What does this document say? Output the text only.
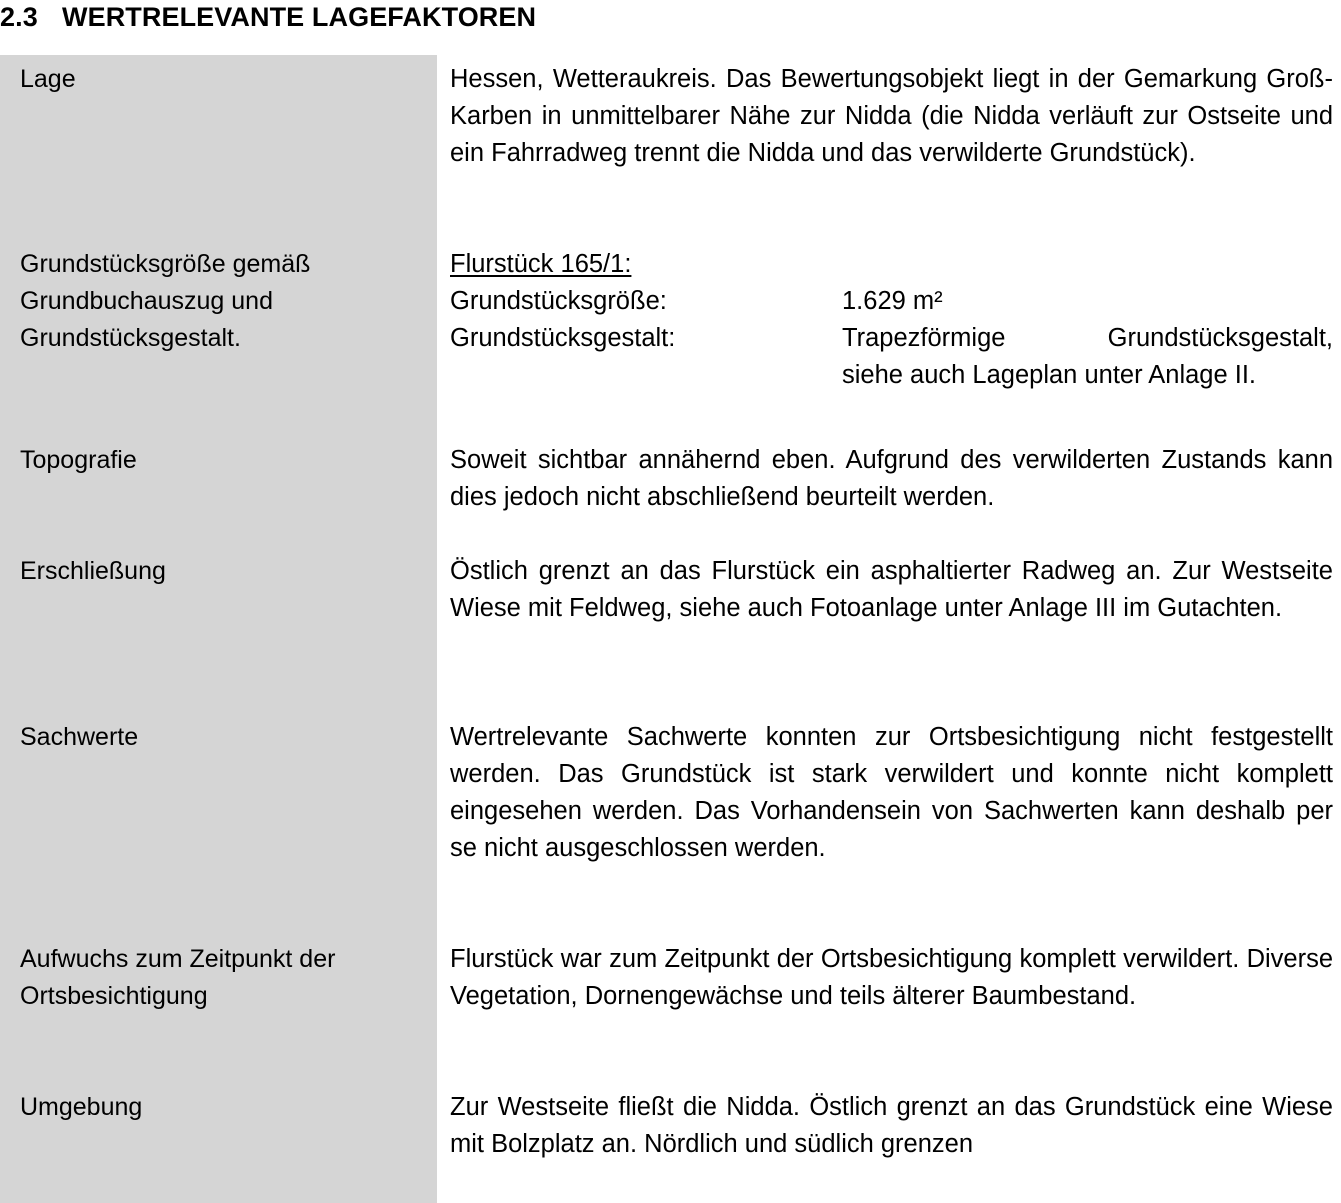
2.3 WERTRELEVANTE LAGEFAKTOREN
Lage
Grundstücksgröße gemäß Grundbuchauszug und Grundstücksgestalt.
Topografie
Erschließung
Sachwerte
Aufwuchs zum Zeitpunkt der Ortsbesichtigung
Umgebung

Hessen, Wetteraukreis. Das Bewertungsobjekt liegt in der Gemarkung Groß-Karben in unmittelbarer Nähe zur Nidda (die Nidda verläuft zur Ostseite und ein Fahrradweg trennt die Nidda und das verwilderte Grundstück).

Flurstück 165/1:
Grundstücksgröße:	1.629 m²
Grundstücksgestalt:	Trapezförmige Grundstücksgestalt,
siehe auch Lageplan unter Anlage II.

Soweit sichtbar annähernd eben. Aufgrund des verwilderten Zustands kann dies jedoch nicht abschließend beurteilt werden.

Östlich grenzt an das Flurstück ein asphaltierter Radweg an. Zur Westseite Wiese mit Feldweg, siehe auch Fotoanlage unter Anlage III im Gutachten.

Wertrelevante Sachwerte konnten zur Ortsbesichtigung nicht festgestellt werden. Das Grundstück ist stark verwildert und konnte nicht komplett eingesehen werden. Das Vorhandensein von Sachwerten kann deshalb per se nicht ausgeschlossen werden.

Flurstück war zum Zeitpunkt der Ortsbesichtigung komplett verwildert. Diverse Vegetation, Dornengewächse und teils älterer Baumbestand.

Zur Westseite fließt die Nidda. Östlich grenzt an das Grundstück eine Wiese mit Bolzplatz an. Nördlich und südlich grenzen
